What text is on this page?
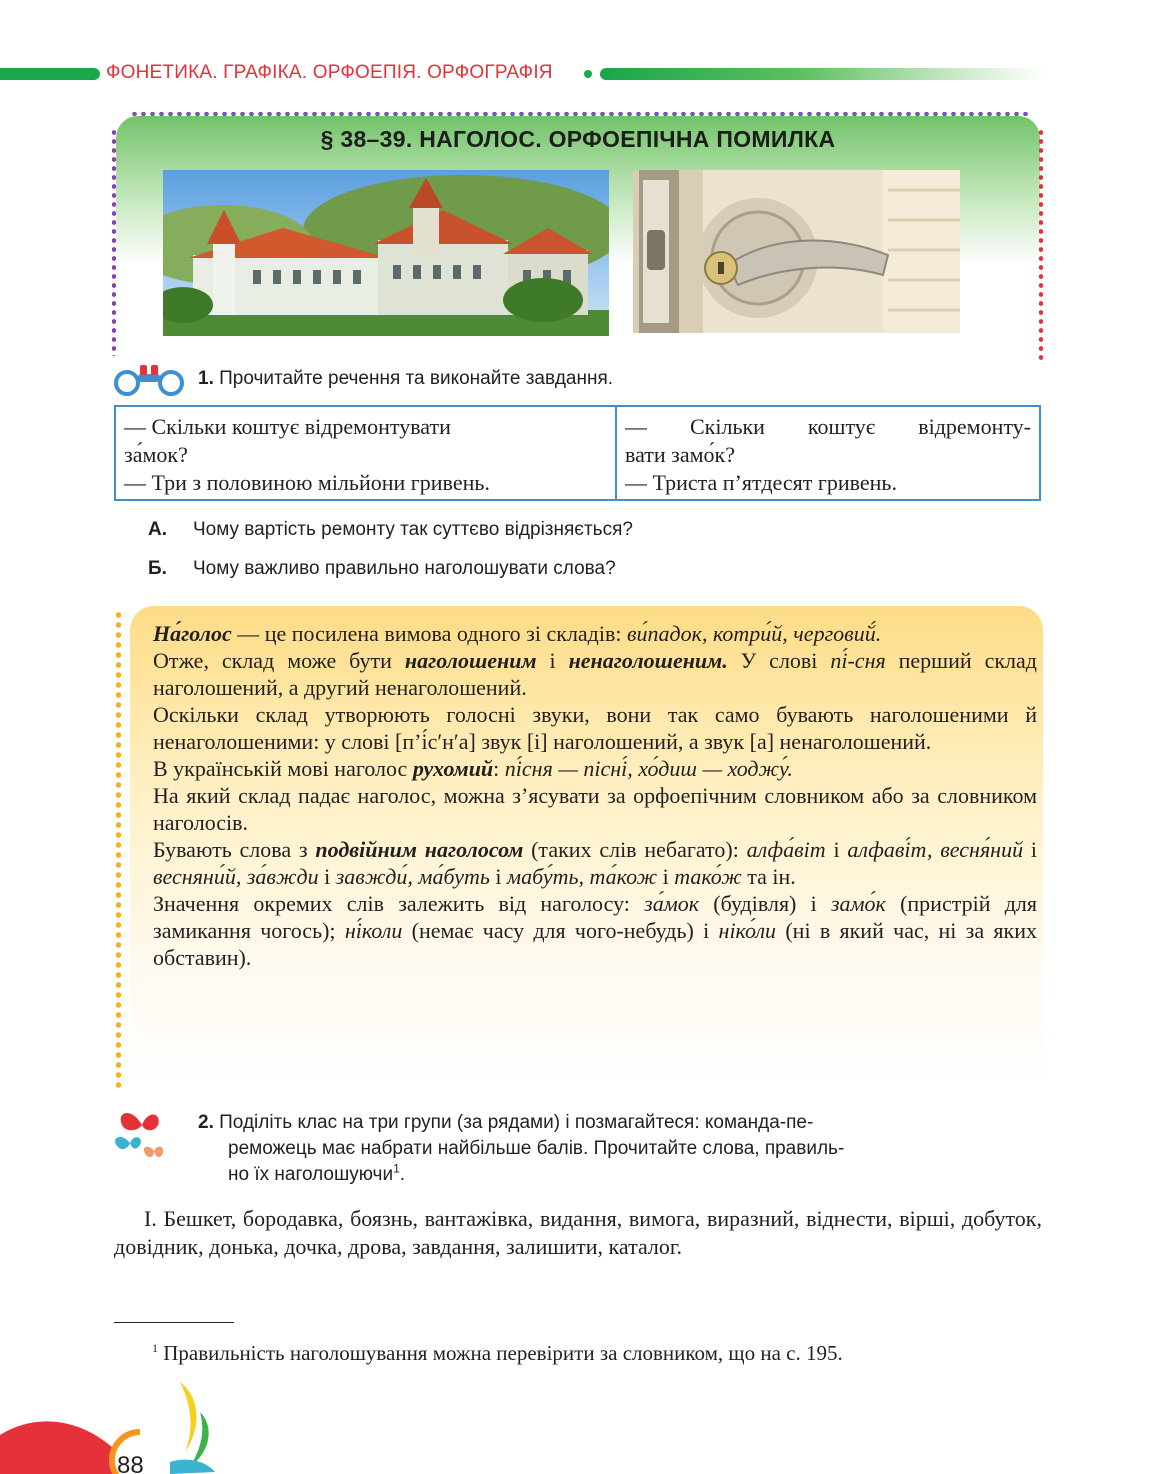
ФОНЕТИКА. ГРАФІКА. ОРФОЕПІЯ. ОРФОГРАФІЯ
§ 38–39. НАГОЛОС. ОРФОЕПІЧНА ПОМИЛКА
1. Прочитайте речення та виконайте завдання.
— Скільки коштує відремонтувати
за́мок?
— Три з половиною мільйони гривень.
— Скільки коштує відремонту-
вати замо́к?
— Триста п’ятдесят гривень.
А. Чому вартість ремонту так суттєво відрізняється?
Б. Чому важливо правильно наголошувати слова?

На́голос — це посилена вимова одного зі складів: ви́падок, котри́й, черговий́.

Отже, склад може бути наголошеним і ненаголошеним. У слові пі́-сня перший склад наголошений, а другий ненаголошений.

Оскільки склад утворюють голосні звуки, вони так само бувають наголошеними й ненаголошеними: у слові [п’і́с′н′а] звук [і] наголошений, а звук [а] ненаголошений.

В українській мові наголос рухомий: пі́сня — пісні́, хо́диш — ходжу́.

На який склад падає наголос, можна з’ясувати за орфоепічним словником або за словником наголосів.

Бувають слова з подвійним наголосом (таких слів небагато): алфа́віт і алфаві́т, весня́ний і весняни́й, за́вжди і завжди́, ма́буть і мабу́ть, та́кож і тако́ж та ін.

Значення окремих слів залежить від наголосу: за́мок (будівля) і замо́к (пристрій для замикання чогось); ні́коли (немає часу для чого-небудь) і ніко́ли (ні в який час, ні за яких обставин).

2. Поділіть клас на три групи (за рядами) і позмагайтеся: команда-пе-
реможець має набрати найбільше балів. Прочитайте слова, правиль-
но їх наголошуючи$^1$.
І. Бешкет, бородавка, боязнь, вантажівка, видання, вимога, виразний, віднести, вірші, добуток, довідник, донька, дочка, дрова, завдання, залишити, каталог.
$^1$ Правильність наголошування можна перевірити за словником, що на с. 195.
88
